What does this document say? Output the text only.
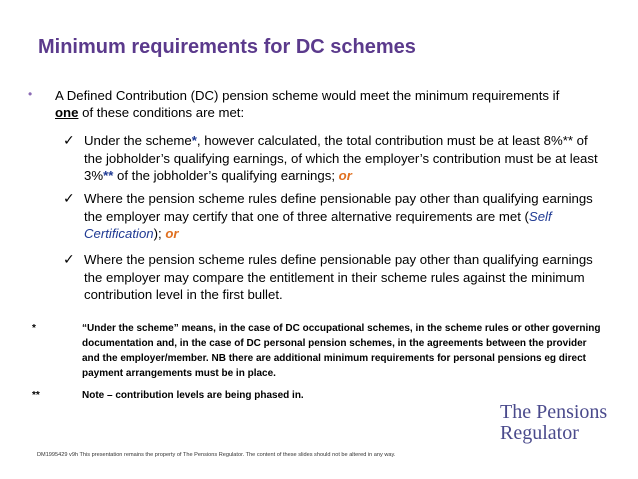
Minimum requirements for DC schemes
• A Defined Contribution (DC) pension scheme would meet the minimum requirements if one of these conditions are met:
✓ Under the scheme*, however calculated, the total contribution must be at least 8%** of the jobholder’s qualifying earnings, of which the employer’s contribution must be at least 3%** of the jobholder’s qualifying earnings; or
✓ Where the pension scheme rules define pensionable pay other than qualifying earnings the employer may certify that one of three alternative requirements are met (Self Certification); or
✓ Where the pension scheme rules define pensionable pay other than qualifying earnings the employer may compare the entitlement in their scheme rules against the minimum contribution level in the first bullet.
*	“Under the scheme” means, in the case of DC occupational schemes, in the scheme rules or other governing documentation and, in the case of DC personal pension schemes, in the agreements between the provider and the employer/member. NB there are additional minimum requirements for personal pensions eg direct payment arrangements must be in place.
**	Note – contribution levels are being phased in.
The Pensions
Regulator
DM1995429 v9h This presentation remains the property of The Pensions Regulator. The content of these slides should not be altered in any way.
